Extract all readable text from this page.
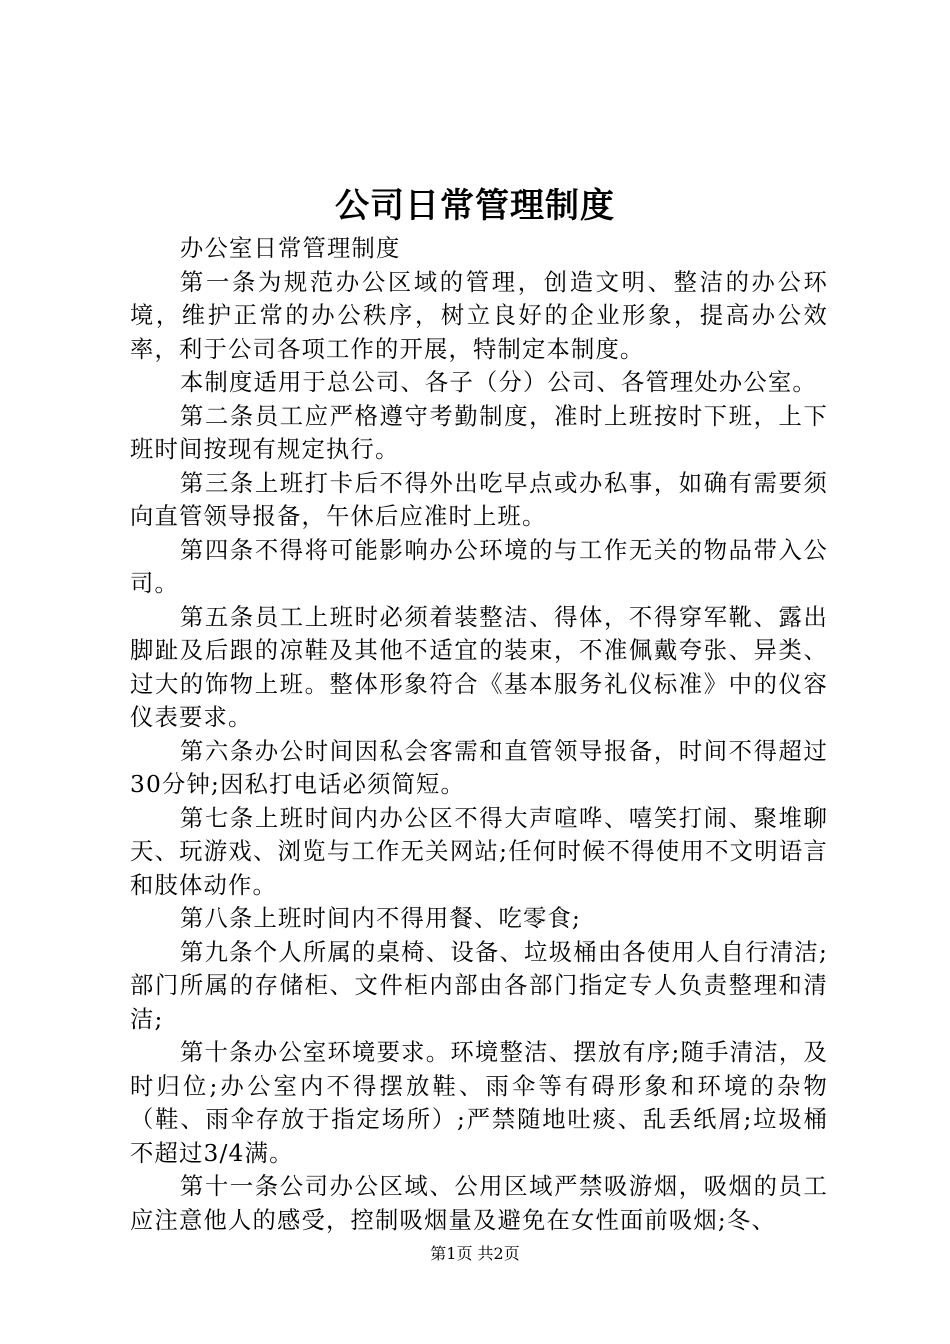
公司日常管理制度

办公室日常管理制度

第一条为规范办公区域的管理，创造文明、整洁的办公环境，维护正常的办公秩序，树立良好的企业形象，提高办公效率，利于公司各项工作的开展，特制定本制度。

本制度适用于总公司、各子（分）公司、各管理处办公室。

第二条员工应严格遵守考勤制度，准时上班按时下班，上下班时间按现有规定执行。

第三条上班打卡后不得外出吃早点或办私事，如确有需要须向直管领导报备，午休后应准时上班。

第四条不得将可能影响办公环境的与工作无关的物品带入公司。

第五条员工上班时必须着装整洁、得体，不得穿军靴、露出脚趾及后跟的凉鞋及其他不适宜的装束，不准佩戴夸张、异类、过大的饰物上班。整体形象符合《基本服务礼仪标准》中的仪容仪表要求。

第六条办公时间因私会客需和直管领导报备，时间不得超过30分钟;因私打电话必须简短。

第七条上班时间内办公区不得大声喧哗、嘻笑打闹、聚堆聊天、玩游戏、浏览与工作无关网站;任何时候不得使用不文明语言和肢体动作。

第八条上班时间内不得用餐、吃零食;

第九条个人所属的桌椅、设备、垃圾桶由各使用人自行清洁;部门所属的存储柜、文件柜内部由各部门指定专人负责整理和清洁;

第十条办公室环境要求。环境整洁、摆放有序;随手清洁，及时归位;办公室内不得摆放鞋、雨伞等有碍形象和环境的杂物（鞋、雨伞存放于指定场所）;严禁随地吐痰、乱丢纸屑;垃圾桶不超过3/4满。

第十一条公司办公区域、公用区域严禁吸游烟，吸烟的员工应注意他人的感受，控制吸烟量及避免在女性面前吸烟;冬、

第1页 共2页
